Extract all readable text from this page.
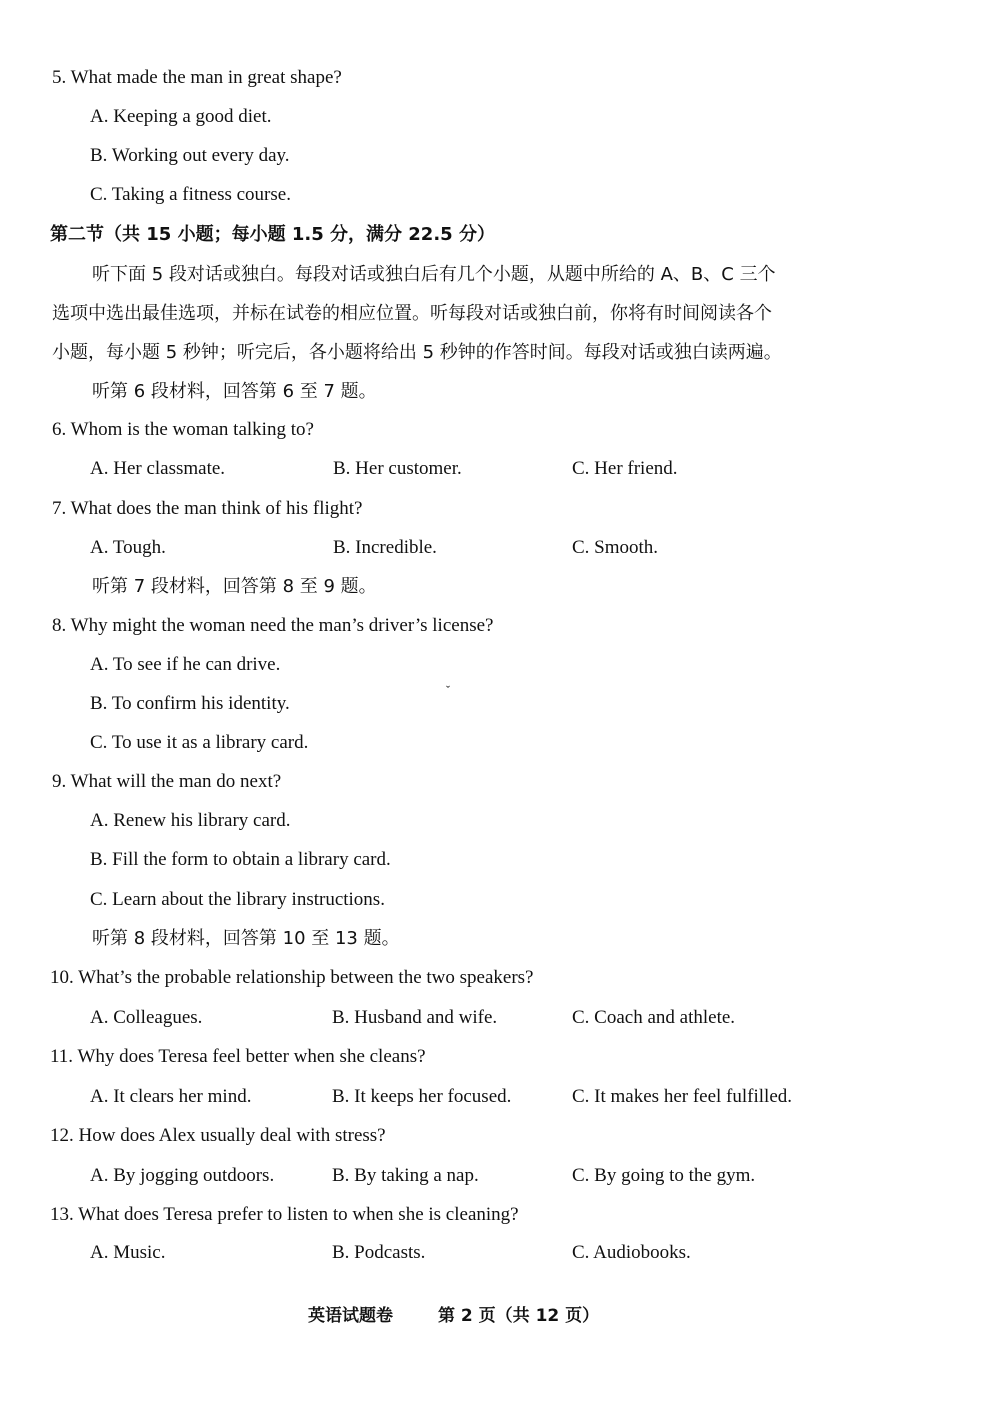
5. What made the man in great shape?
A. Keeping a good diet.
B. Working out every day.
C. Taking a fitness course.
第二节（共 15 小题；每小题 1.5 分，满分 22.5 分）
听下面 5 段对话或独白。每段对话或独白后有几个小题，从题中所给的 A、B、C 三个
选项中选出最佳选项，并标在试卷的相应位置。听每段对话或独白前，你将有时间阅读各个
小题，每小题 5 秒钟；听完后，各小题将给出 5 秒钟的作答时间。每段对话或独白读两遍。
听第 6 段材料，回答第 6 至 7 题。
6. Whom is the woman talking to?
A. Her classmate.	B. Her customer.	C. Her friend.
7. What does the man think of his flight?
A. Tough.	B. Incredible.	C. Smooth.
听第 7 段材料，回答第 8 至 9 题。
8. Why might the woman need the man’s driver’s license?
A. To see if he can drive.
B. To confirm his identity.
ˇ
C. To use it as a library card.
9. What will the man do next?
A. Renew his library card.
B. Fill the form to obtain a library card.
C. Learn about the library instructions.
听第 8 段材料，回答第 10 至 13 题。
10. What’s the probable relationship between the two speakers?
A. Colleagues.	B. Husband and wife.	C. Coach and athlete.
11. Why does Teresa feel better when she cleans?
A. It clears her mind.	B. It keeps her focused.	C. It makes her feel fulfilled.
12. How does Alex usually deal with stress?
A. By jogging outdoors.	B. By taking a nap.	C. By going to the gym.
13. What does Teresa prefer to listen to when she is cleaning?
A. Music.	B. Podcasts.	C. Audiobooks.
英语试题卷	第 2 页（共 12 页）
